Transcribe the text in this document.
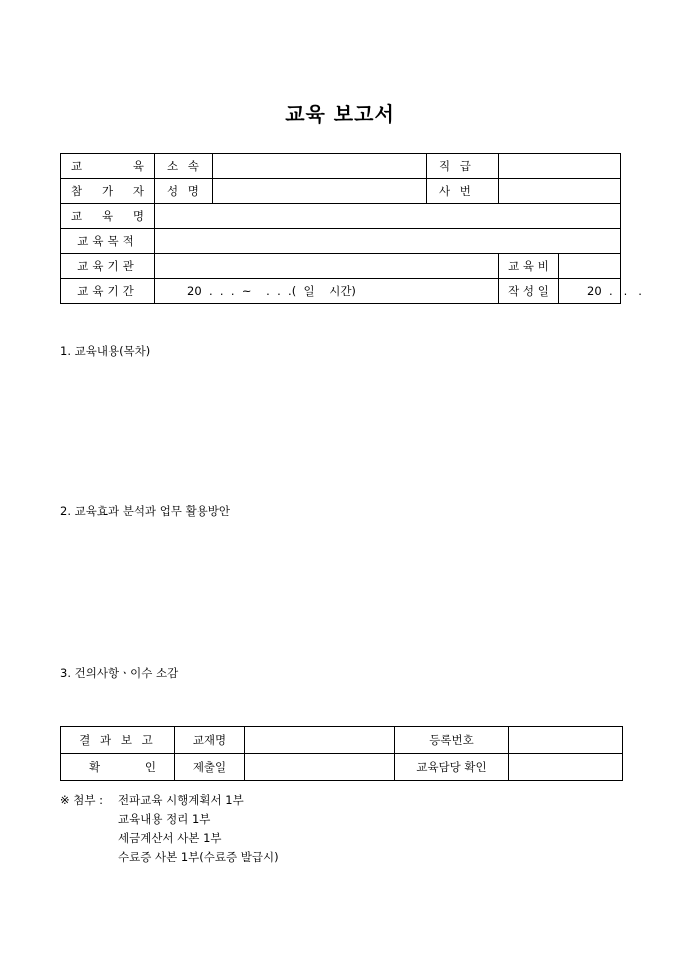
교육 보고서
교 육	소 속		직 급		

참 가 자	성 명		사 번		

교 육 명					

교육목적					
교육기관				교 육 비	
교육기간	20  .  .  .  ~    .  .  .(  일    시간)			작 성 일	20  .   .   .
1. 교육내용(목차)
2. 교육효과 분석과 업무 활용방안
3. 건의사항ㆍ이수 소감
결 과 보 고	교재명		등록번호	

확 인	제출일		교육담당 확인	
※ 첨부 : 전파교육 시행계획서 1부
교육내용 정리 1부
세금계산서 사본 1부
수료증 사본 1부(수료증 발급시)
